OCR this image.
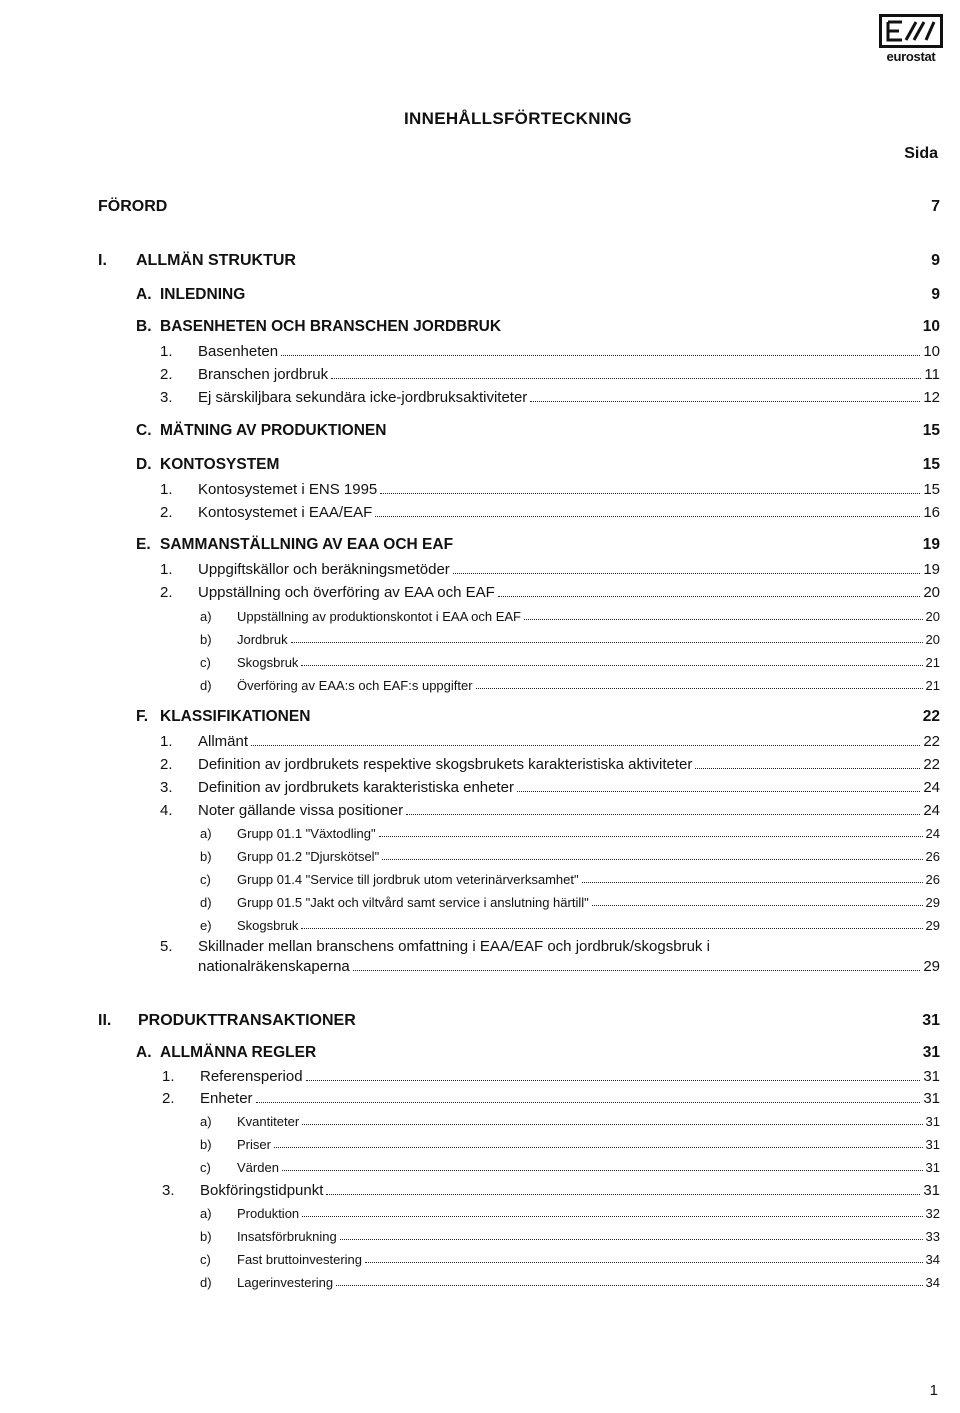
eurostat
INNEHÅLLSFÖRTECKNING
Sida
FÖRORD	7
I.	ALLMÄN STRUKTUR	9
A. INLEDNING	9
B. BASENHETEN OCH BRANSCHEN JORDBRUK	10
1.	Basenheten	10
2.	Branschen jordbruk	11
3.	Ej särskiljbara sekundära icke-jordbruksaktiviteter	12
C. MÄTNING AV PRODUKTIONEN	15
D. KONTOSYSTEM	15
1.	Kontosystemet i ENS 1995	15
2.	Kontosystemet i EAA/EAF	16
E. SAMMANSTÄLLNING AV EAA OCH EAF	19
1.	Uppgiftskällor och beräkningsmetöder	19
2.	Uppställning och överföring av EAA och EAF	20
a)	Uppställning av produktionskontot i EAA och EAF	20
b)	Jordbruk	20
c)	Skogsbruk	21
d)	Överföring av EAA:s och EAF:s uppgifter	21
F. KLASSIFIKATIONEN	22
1.	Allmänt	22
2.	Definition av jordbrukets respektive skogsbrukets karakteristiska aktiviteter	22
3.	Definition av jordbrukets karakteristiska enheter	24
4.	Noter gällande vissa positioner	24
a)	Grupp 01.1 "Växtodling"	24
b)	Grupp 01.2 "Djurskötsel"	26
c)	Grupp 01.4 "Service till jordbruk utom veterinärverksamhet"	26
d)	Grupp 01.5 "Jakt och viltvård samt service i anslutning härtill"	29
e)	Skogsbruk	29
5.	Skillnader mellan branschens omfattning i EAA/EAF och jordbruk/skogsbruk i
nationalräkenskaperna	29
II.	PRODUKTTRANSAKTIONER	31
A. ALLMÄNNA REGLER	31
1.	Referensperiod	31
2.	Enheter	31
a)	Kvantiteter	31
b)	Priser	31
c)	Värden	31
3.	Bokföringstidpunkt	31
a)	Produktion	32
b)	Insatsförbrukning	33
c)	Fast bruttoinvestering	34
d)	Lagerinvestering	34
1
